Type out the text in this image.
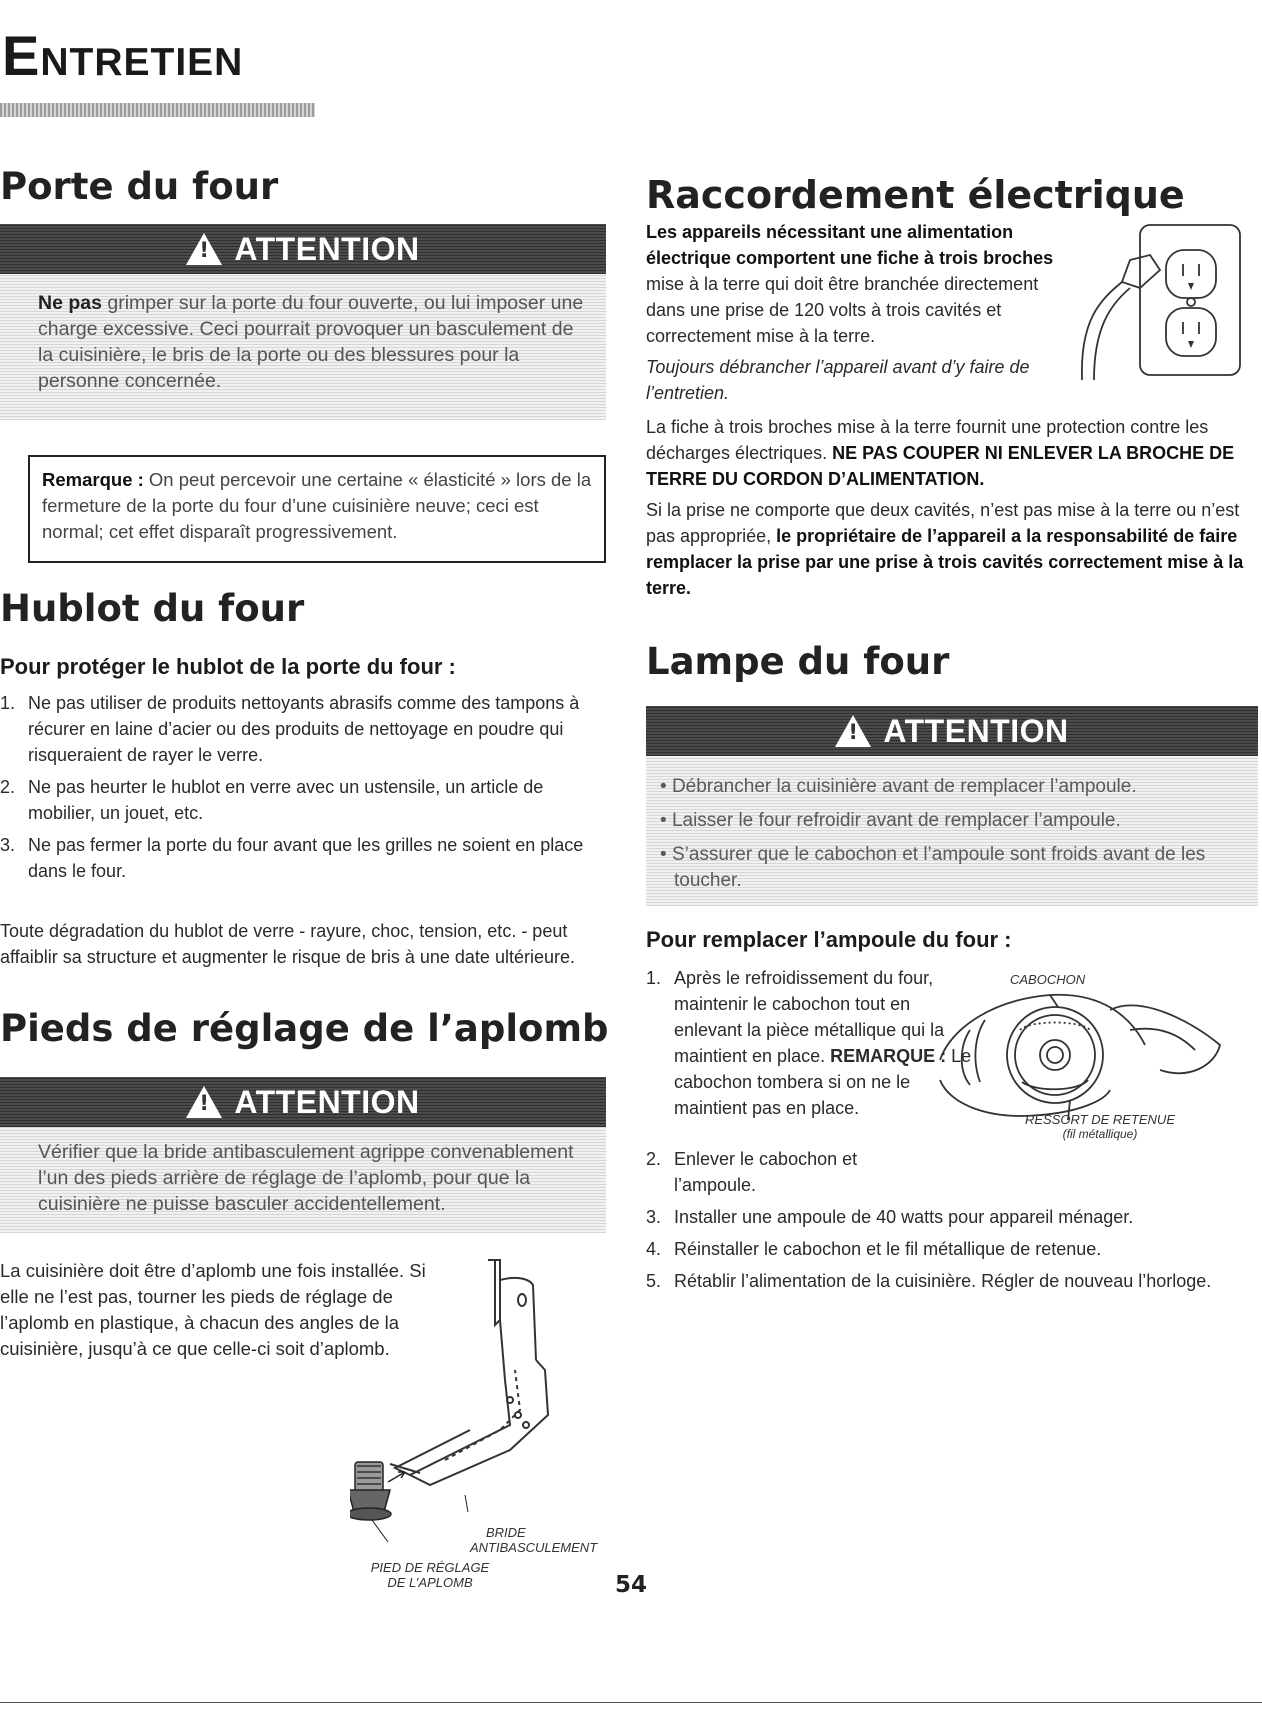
Entretien
Porte du four
!
ATTENTION
Ne pas grimper sur la porte du four ouverte, ou lui imposer une charge excessive. Ceci pourrait provoquer un basculement de la cuisinière, le bris de la porte ou des blessures pour la personne concernée.

Remarque : On peut percevoir une certaine « élasticité » lors de la fermeture de la porte du four d’une cuisinière neuve; ceci est normal; cet effet disparaît progressivement.

Hublot du four
Pour protéger le hublot de la porte du four :
1. Ne pas utiliser de produits nettoyants abrasifs comme des tampons à récurer en laine d’acier ou des produits de nettoyage en poudre qui risqueraient de rayer le verre.
2. Ne pas heurter le hublot en verre avec un ustensile, un article de mobilier, un jouet, etc.
3. Ne pas fermer la porte du four avant que les grilles ne soient en place dans le four.

Toute dégradation du hublot de verre - rayure, choc, tension, etc. - peut affaiblir sa structure et augmenter le risque de bris à une date ultérieure.

Pieds de réglage de l’aplomb
!
ATTENTION
Vérifier que la bride antibasculement agrippe convenablement l’un des pieds arrière de réglage de l’aplomb, pour que la cuisinière ne puisse basculer accidentellement.

La cuisinière doit être d’aplomb une fois installée. Si elle ne l’est pas, tourner les pieds de réglage de l’aplomb en plastique, à chacun des angles de la cuisinière, jusqu’à ce que celle-ci soit d’aplomb.

BRIDE
ANTIBASCULEMENT
PIED DE RÉGLAGE
DE L’APLOMB
Raccordement électrique

Les appareils nécessitant une alimentation électrique comportent une fiche à trois broches mise à la terre qui doit être branchée directement dans une prise de 120 volts à trois cavités et correctement mise à la terre.

Toujours débrancher l’appareil avant d’y faire de l’entretien.

La fiche à trois broches mise à la terre fournit une protection contre les décharges électriques. NE PAS COUPER NI ENLEVER LA BROCHE DE TERRE DU CORDON D’ALIMENTATION.

Si la prise ne comporte que deux cavités, n’est pas mise à la terre ou n’est pas appropriée, le propriétaire de l’appareil a la responsabilité de faire remplacer la prise par une prise à trois cavités correctement mise à la terre.

Lampe du four
!
ATTENTION
• Débrancher la cuisinière avant de remplacer l’ampoule.
• Laisser le four refroidir avant de remplacer l’ampoule.
• S’assurer que le cabochon et l’ampoule sont froids avant de les toucher.
Pour remplacer l’ampoule du four :
1. Après le refroidissement du four, maintenir le cabochon tout en enlevant la pièce métallique qui la maintient en place. REMARQUE : Le cabochon tombera si on ne le maintient pas en place.
CABOCHON
RESSORT DE RETENUE
(fil métallique)
2. Enlever le cabochon et l’ampoule.
3. Installer une ampoule de 40 watts pour appareil ménager.
4. Réinstaller le cabochon et le fil métallique de retenue.
5. Rétablir l’alimentation de la cuisinière. Régler de nouveau l’horloge.
54
